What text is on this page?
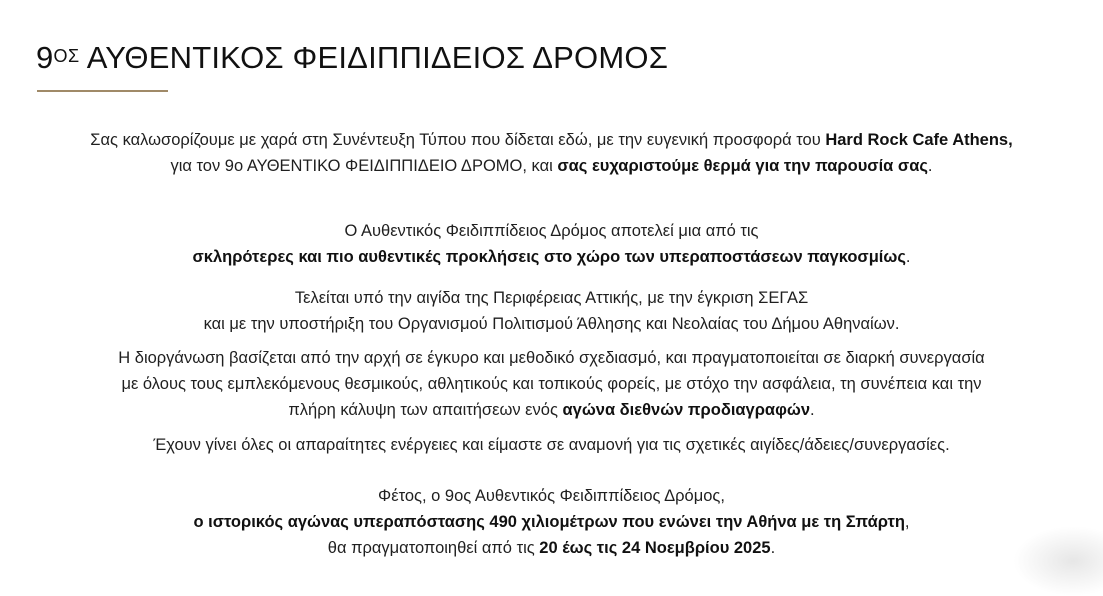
$9^{O\Sigma}$ ΑΥΘΕΝΤΙΚΟΣ ΦΕΙΔΙΠΠΙΔΕΙΟΣ ΔΡΟΜΟΣ
Σας καλωσορίζουμε με χαρά στη Συνέντευξη Τύπου που δίδεται εδώ, με την ευγενική προσφορά του Hard Rock Cafe Athens,
για τον 9ο ΑΥΘΕΝΤΙΚΟ ΦΕΙΔΙΠΠΙΔΕΙΟ ΔΡΟΜΟ, και σας ευχαριστούμε θερμά για την παρουσία σας.
Ο Αυθεντικός Φειδιππίδειος Δρόμος αποτελεί μια από τις
σκληρότερες και πιο αυθεντικές προκλήσεις στο χώρο των υπεραποστάσεων παγκοσμίως.
Τελείται υπό την αιγίδα της Περιφέρειας Αττικής, με την έγκριση ΣΕΓΑΣ
και με την υποστήριξη του Οργανισμού Πολιτισμού Άθλησης και Νεολαίας του Δήμου Αθηναίων.
Η διοργάνωση βασίζεται από την αρχή σε έγκυρο και μεθοδικό σχεδιασμό, και πραγματοποιείται σε διαρκή συνεργασία
με όλους τους εμπλεκόμενους θεσμικούς, αθλητικούς και τοπικούς φορείς, με στόχο την ασφάλεια, τη συνέπεια και την
πλήρη κάλυψη των απαιτήσεων ενός αγώνα διεθνών προδιαγραφών.
Έχουν γίνει όλες οι απαραίτητες ενέργειες και είμαστε σε αναμονή για τις σχετικές αιγίδες/άδειες/συνεργασίες.
Φέτος, ο 9ος Αυθεντικός Φειδιππίδειος Δρόμος,
ο ιστορικός αγώνας υπεραπόστασης 490 χιλιομέτρων που ενώνει την Αθήνα με τη Σπάρτη,
θα πραγματοποιηθεί από τις 20 έως τις 24 Νοεμβρίου 2025.
